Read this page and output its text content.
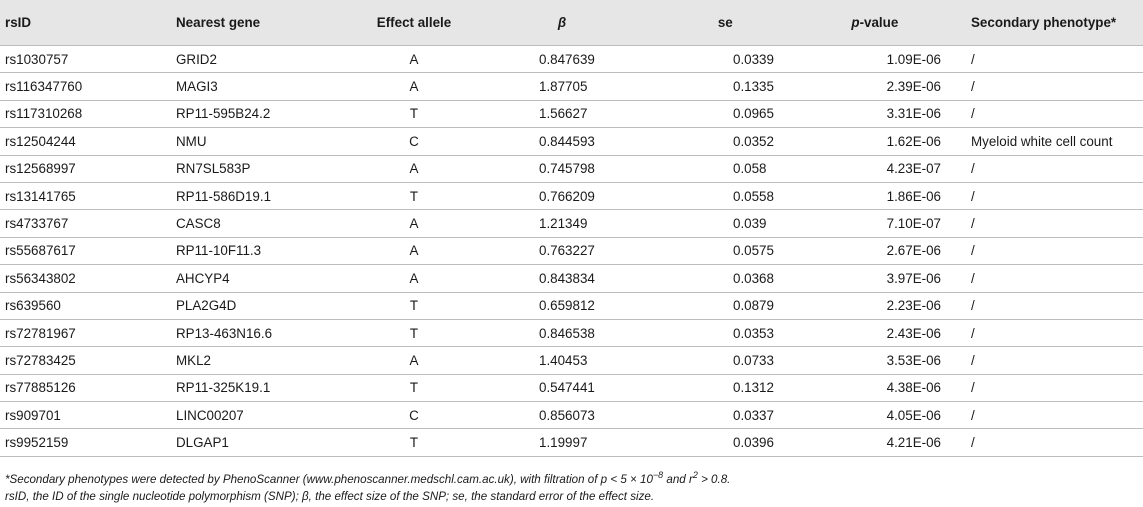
rsID	Nearest gene	Effect allele	β	se	p-value	Secondary phenotype*
rs1030757	GRID2	A	0.847639	0.0339	1.09E-06	/
rs116347760	MAGI3	A	1.87705	0.1335	2.39E-06	/
rs117310268	RP11-595B24.2	T	1.56627	0.0965	3.31E-06	/
rs12504244	NMU	C	0.844593	0.0352	1.62E-06	Myeloid white cell count
rs12568997	RN7SL583P	A	0.745798	0.058	4.23E-07	/
rs13141765	RP11-586D19.1	T	0.766209	0.0558	1.86E-06	/
rs4733767	CASC8	A	1.21349	0.039	7.10E-07	/
rs55687617	RP11-10F11.3	A	0.763227	0.0575	2.67E-06	/
rs56343802	AHCYP4	A	0.843834	0.0368	3.97E-06	/
rs639560	PLA2G4D	T	0.659812	0.0879	2.23E-06	/
rs72781967	RP13-463N16.6	T	0.846538	0.0353	2.43E-06	/
rs72783425	MKL2	A	1.40453	0.0733	3.53E-06	/
rs77885126	RP11-325K19.1	T	0.547441	0.1312	4.38E-06	/
rs909701	LINC00207	C	0.856073	0.0337	4.05E-06	/
rs9952159	DLGAP1	T	1.19997	0.0396	4.21E-06	/
*Secondary phenotypes were detected by PhenoScanner (www.phenoscanner.medschl.cam.ac.uk), with filtration of $p < 5 \times 10^{-8}$ and $r^2 > 0.8$.
rsID, the ID of the single nucleotide polymorphism (SNP); β, the effect size of the SNP; se, the standard error of the effect size.
